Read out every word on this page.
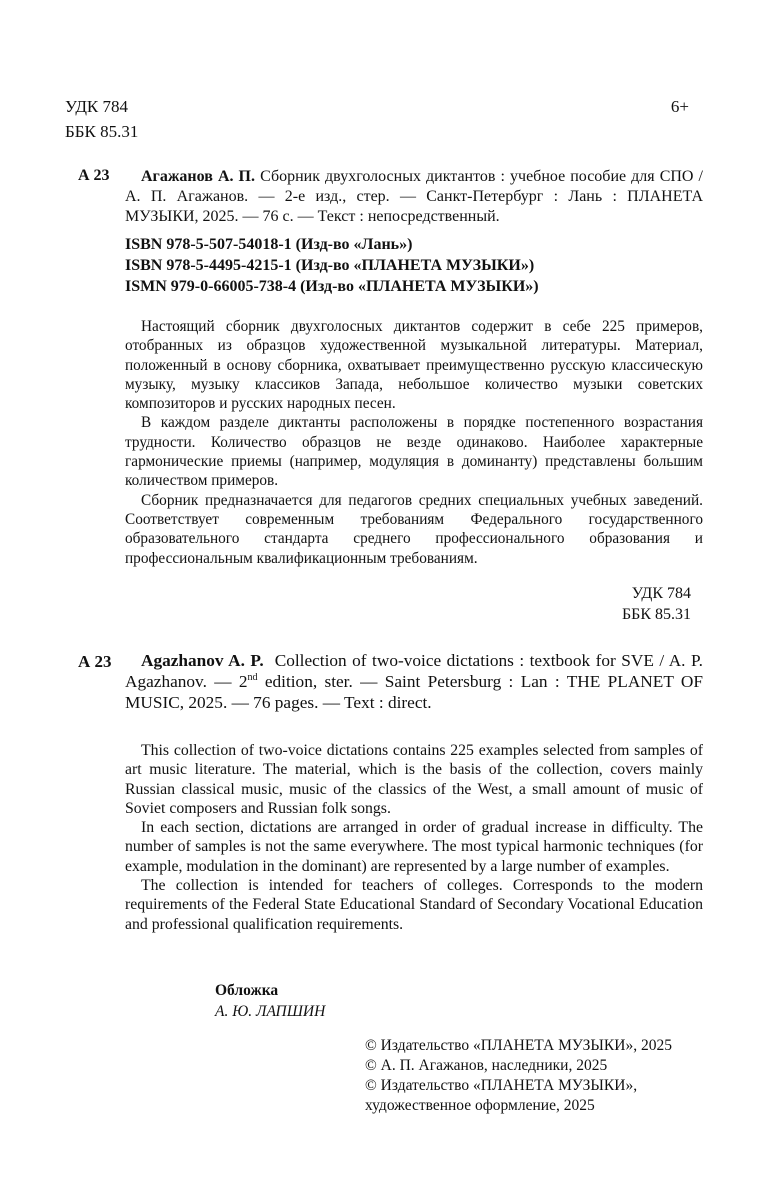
УДК 784
ББК 85.31
6+
А 23	Агажанов А. П. Сборник двухголосных диктантов : учебное пособие для СПО / А. П. Агажанов. — 2-е изд., стер. — Санкт-Петербург : Лань : ПЛАНЕТА МУЗЫКИ, 2025. — 76 с. — Текст : непосредственный.
ISBN 978-5-507-54018-1 (Изд-во «Лань»)
ISBN 978-5-4495-4215-1 (Изд-во «ПЛАНЕТА МУЗЫКИ»)
ISMN 979-0-66005-738-4 (Изд-во «ПЛАНЕТА МУЗЫКИ»)

Настоящий сборник двухголосных диктантов содержит в себе 225 примеров, отобранных из образцов художественной музыкальной литературы. Материал, положенный в основу сборника, охватывает преимущественно русскую классическую музыку, музыку классиков Запада, небольшое количество музыки советских композиторов и русских народных песен.

В каждом разделе диктанты расположены в порядке постепенного возрастания трудности. Количество образцов не везде одинаково. Наиболее характерные гармонические приемы (например, модуляция в доминанту) представлены большим количеством примеров.

Сборник предназначается для педагогов средних специальных учебных заведений. Соответствует современным требованиям Федерального государственного образовательного стандарта среднего профессионального образования и профессиональным квалификационным требованиям.

УДК 784
ББК 85.31
А 23	Agazhanov A. P. Collection of two-voice dictations : textbook for SVE / A. P. Agazhanov. — 2nd edition, ster. — Saint Petersburg : Lan : THE PLANET OF MUSIC, 2025. — 76 pages. — Text : direct.

This collection of two-voice dictations contains 225 examples selected from samples of art music literature. The material, which is the basis of the collection, covers mainly Russian classical music, music of the classics of the West, a small amount of music of Soviet composers and Russian folk songs.

In each section, dictations are arranged in order of gradual increase in difficulty. The number of samples is not the same everywhere. The most typical harmonic techniques (for example, modulation in the dominant) are represented by a large number of examples.

The collection is intended for teachers of colleges. Corresponds to the modern requirements of the Federal State Educational Standard of Secondary Vocational Education and professional qualification requirements.

Обложка
А. Ю. ЛАПШИН
© Издательство «ПЛАНЕТА МУЗЫКИ», 2025
© А. П. Агажанов, наследники, 2025
© Издательство «ПЛАНЕТА МУЗЫКИ»,
художественное оформление, 2025
